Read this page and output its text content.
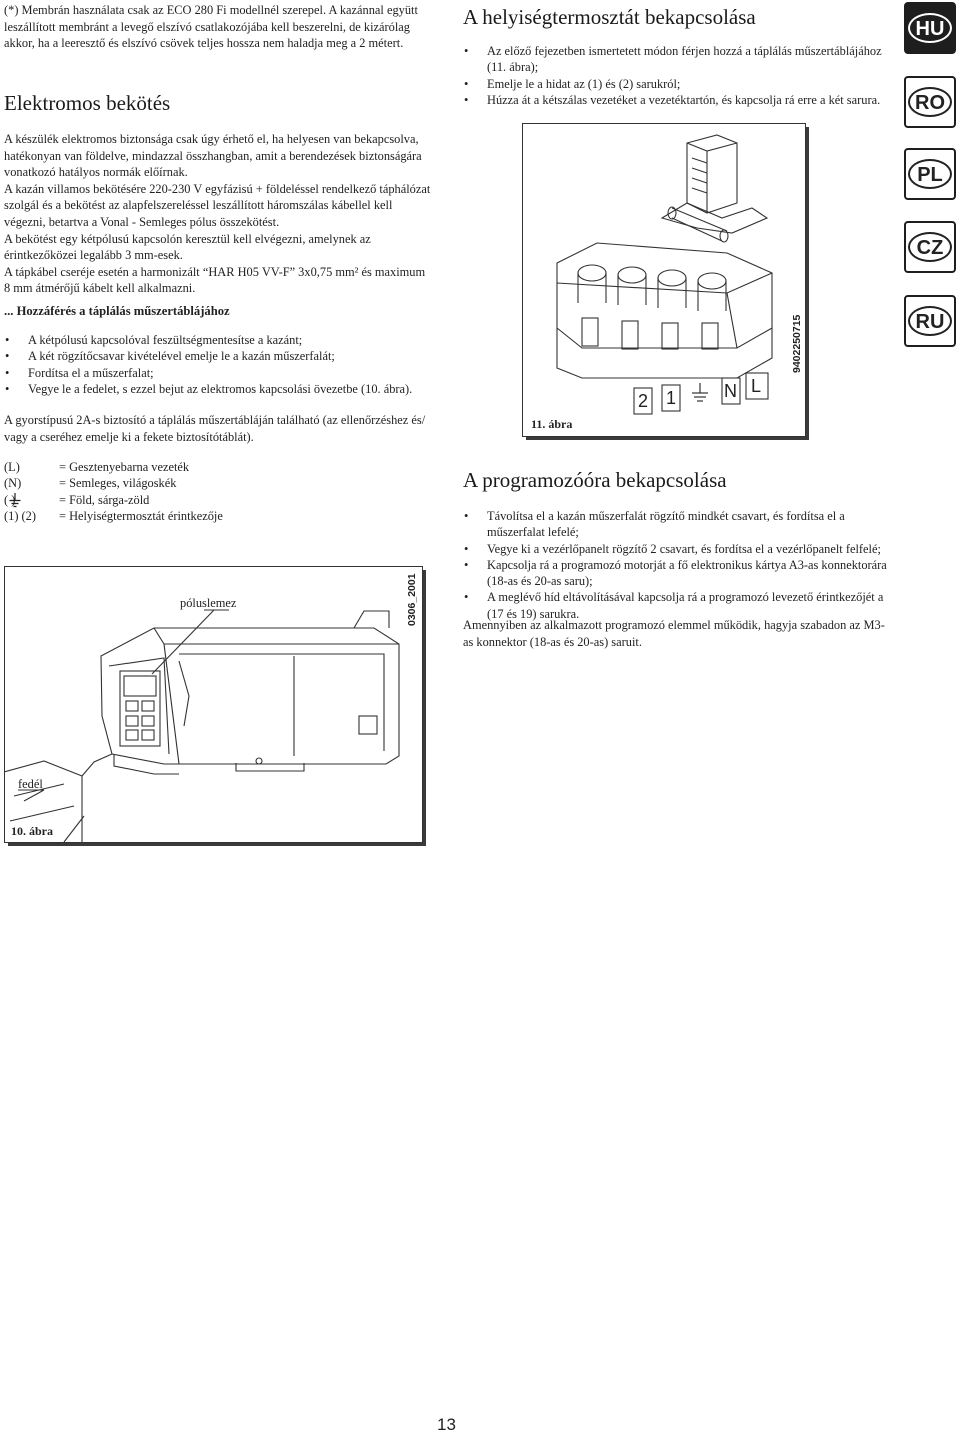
(*) Membrán használata csak az ECO 280 Fi modellnél szerepel. A kazánnal együtt leszállított membránt a levegő elszívó csatlakozójába kell beszerelni, de kizárólag akkor, ha a leeresztő és elszívó csövek teljes hossza nem haladja meg a 2 métert.

Elektromos bekötés

A készülék elektromos biztonsága csak úgy érhető el, ha helyesen van bekapcsolva, hatékonyan van földelve, mindazzal összhangban, amit a berendezések biztonságára vonatkozó hatályos normák előírnak.

A kazán villamos bekötésére 220-230 V egyfázisú + földeléssel rendelkező táphálózat szolgál és a bekötést az alapfelszereléssel leszállított háromszálas kábellel kell végezni, betartva a Vonal - Semleges pólus összekötést.

A bekötést egy kétpólusú kapcsolón keresztül kell elvégezni, amelynek az érintkezőközei legalább 3 mm-esek.

A tápkábel cseréje esetén a harmonizált “HAR H05 VV-F” 3x0,75 mm² és maximum 8 mm átmérőjű kábelt kell alkalmazni.

... Hozzáférés a táplálás műszertáblájához
• A kétpólusú kapcsolóval feszültségmentesítse a kazánt;
• A két rögzítőcsavar kivételével emelje le a kazán műszerfalát;
• Fordítsa el a műszerfalat;
• Vegye le a fedelet, s ezzel bejut az elektromos kapcsolási övezetbe (10. ábra).

A gyorstípusú 2A-s biztosító a táplálás műszertábláján található (az ellenőrzéshez és/ vagy a cseréhez emelje ki a fekete biztosítótáblát).

(L)	= Gesztenyebarna vezeték
(N)	= Semleges, világoskék
( )	= Föld, sárga-zöld
(1) (2)	= Helyiségtermosztát érintkezője
póluslemez
fedél
10. ábra
0306_2001
A helyiségtermosztát bekapcsolása
• Az előző fejezetben ismertetett módon férjen hozzá a táplálás műszertáblájához (11. ábra);
• Emelje le a hidat az (1) és (2) sarukról;
• Húzza át a kétszálas vezetéket a vezetéktartón, és kapcsolja rá erre a két sarura.
2 1	N L
11. ábra
9402250715
A programozóóra bekapcsolása
• Távolítsa el a kazán műszerfalát rögzítő mindkét csavart, és fordítsa el a műszerfalat lefelé;
• Vegye ki a vezérlőpanelt rögzítő 2 csavart, és fordítsa el a vezérlőpanelt felfelé;
• Kapcsolja rá a programozó motorját a fő elektronikus kártya A3-as konnektorára (18-as és 20-as saru);
• A meglévő híd eltávolításával kapcsolja rá a programozó levezető érintkezőjét a (17 és 19) sarukra.

Amennyiben az alkalmazott programozó elemmel működik, hagyja szabadon az M3-as konnektor (18-as és 20-as) saruit.

HU
RO
PL
CZ
RU
13
